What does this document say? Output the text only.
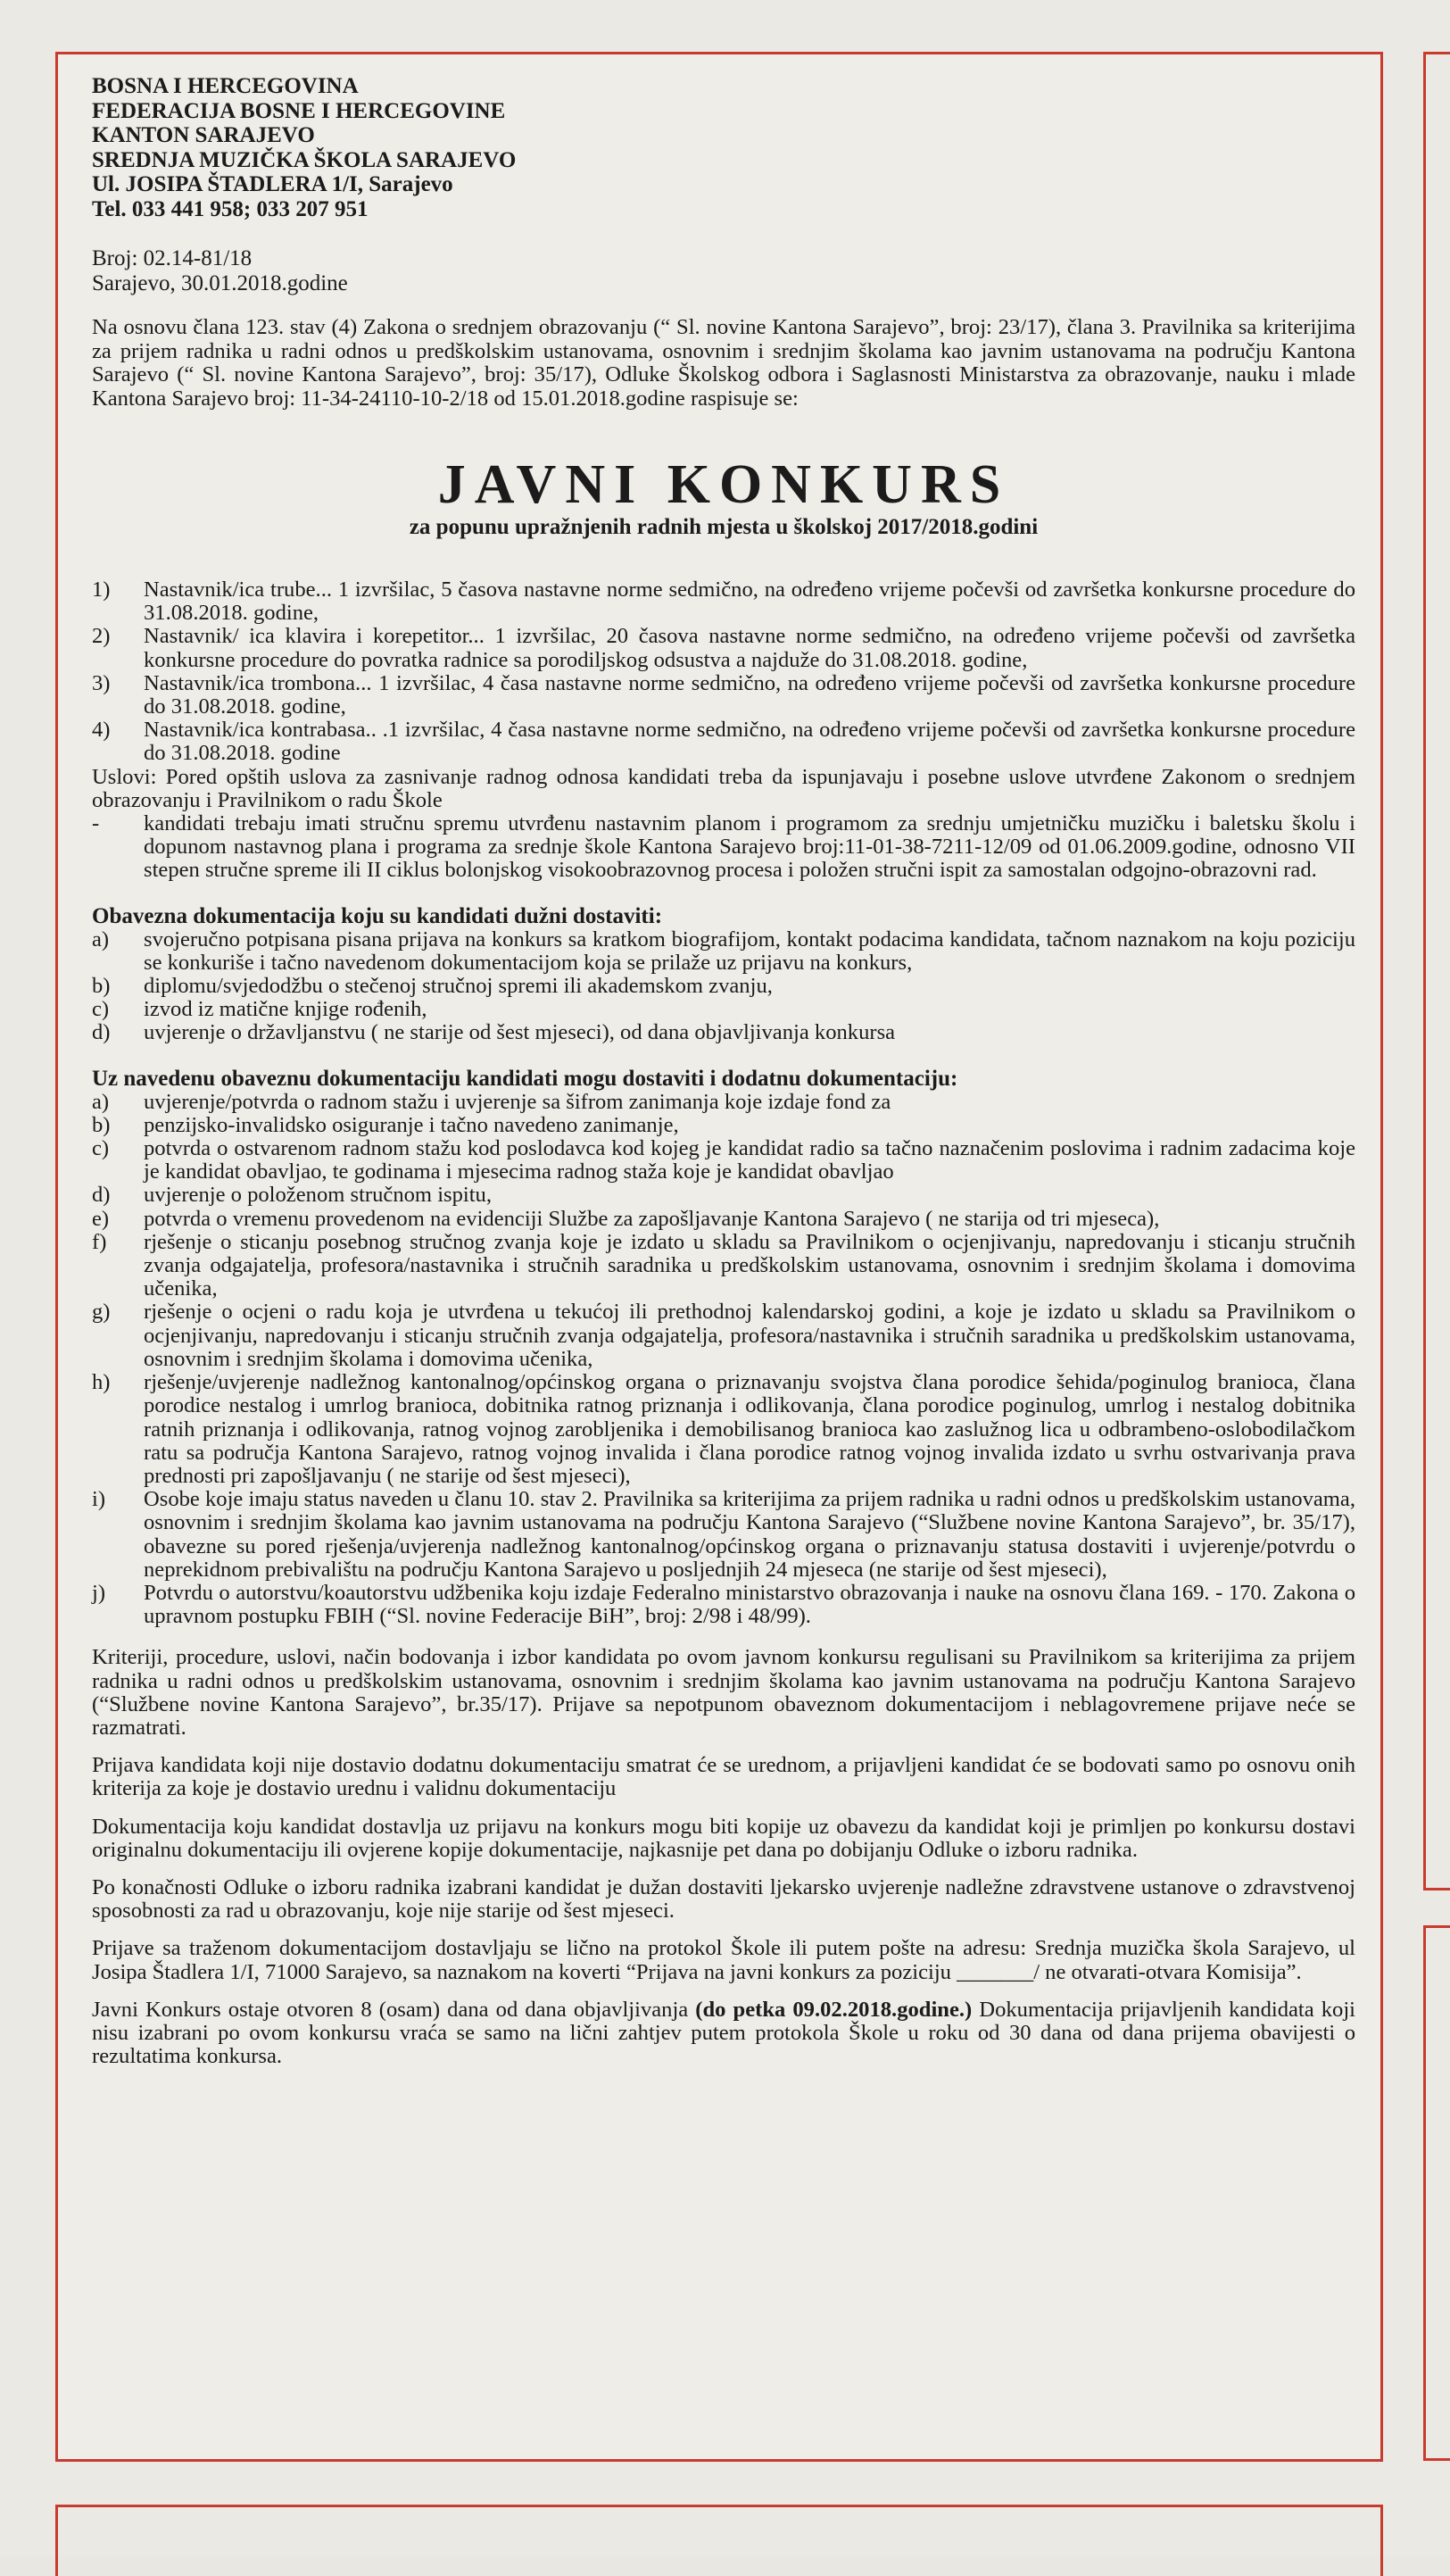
BOSNA I HERCEGOVINA
FEDERACIJA BOSNE I HERCEGOVINE
KANTON SARAJEVO
SREDNJA MUZIČKA ŠKOLA SARAJEVO
Ul. JOSIPA ŠTADLERA 1/I, Sarajevo
Tel. 033 441 958; 033 207 951
Broj: 02.14-81/18
Sarajevo, 30.01.2018.godine
Na osnovu člana 123. stav (4) Zakona o srednjem obrazovanju (“ Sl. novine Kantona Sarajevo”, broj: 23/17), člana 3. Pravilnika sa kriterijima za prijem radnika u radni odnos u predškolskim ustanovama, osnovnim i srednjim školama kao javnim ustanovama na području Kantona Sarajevo (“ Sl. novine Kantona Sarajevo”, broj: 35/17), Odluke Školskog odbora i Saglasnosti Ministarstva za obrazovanje, nauku i mlade Kantona Sarajevo broj: 11-34-24110-10-2/18 od 15.01.2018.godine raspisuje se:
JAVNI KONKURS
za popunu upražnjenih radnih mjesta u školskoj 2017/2018.godini
1)	Nastavnik/ica trube... 1 izvršilac, 5 časova nastavne norme sedmično, na određeno vrijeme počevši od završetka konkursne procedure do 31.08.2018. godine,
2)	Nastavnik/ ica klavira i korepetitor... 1 izvršilac, 20 časova nastavne norme sedmično, na određeno vrijeme počevši od završetka konkursne procedure do povratka radnice sa porodiljskog odsustva a najduže do 31.08.2018. godine,
3)	Nastavnik/ica trombona... 1 izvršilac, 4 časa nastavne norme sedmično, na određeno vrijeme počevši od završetka konkursne procedure do 31.08.2018. godine,
4)	Nastavnik/ica kontrabasa.. .1 izvršilac, 4 časa nastavne norme sedmično, na određeno vrijeme počevši od završetka konkursne procedure do 31.08.2018. godine
Uslovi: Pored opštih uslova za zasnivanje radnog odnosa kandidati treba da ispunjavaju i posebne uslove utvrđene Zakonom o srednjem obrazovanju i Pravilnikom o radu Škole
-	kandidati trebaju imati stručnu spremu utvrđenu nastavnim planom i programom za srednju umjetničku muzičku i baletsku školu i dopunom nastavnog plana i programa za srednje škole Kantona Sarajevo broj:11-01-38-7211-12/09 od 01.06.2009.godine, odnosno VII stepen stručne spreme ili II ciklus bolonjskog visokoobrazovnog procesa i položen stručni ispit za samostalan odgojno-obrazovni rad.
Obavezna dokumentacija koju su kandidati dužni dostaviti:
a)	svojeručno potpisana pisana prijava na konkurs sa kratkom biografijom, kontakt podacima kandidata, tačnom naznakom na koju poziciju se konkuriše i tačno navedenom dokumentacijom koja se prilaže uz prijavu na konkurs,
b)	diplomu/svjedodžbu o stečenoj stručnoj spremi ili akademskom zvanju,
c)	izvod iz matične knjige rođenih,
d)	uvjerenje o državljanstvu ( ne starije od šest mjeseci), od dana objavljivanja konkursa
Uz navedenu obaveznu dokumentaciju kandidati mogu dostaviti i dodatnu dokumentaciju:
a)	uvjerenje/potvrda o radnom stažu i uvjerenje sa šifrom zanimanja koje izdaje fond za
b)	penzijsko-invalidsko osiguranje i tačno navedeno zanimanje,
c)	potvrda o ostvarenom radnom stažu kod poslodavca kod kojeg je kandidat radio sa tačno naznačenim poslovima i radnim zadacima koje je kandidat obavljao, te godinama i mjesecima radnog staža koje je kandidat obavljao
d)	uvjerenje o položenom stručnom ispitu,
e)	potvrda o vremenu provedenom na evidenciji Službe za zapošljavanje Kantona Sarajevo ( ne starija od tri mjeseca),
f)	rješenje o sticanju posebnog stručnog zvanja koje je izdato u skladu sa Pravilnikom o ocjenjivanju, napredovanju i sticanju stručnih zvanja odgajatelja, profesora/nastavnika i stručnih saradnika u predškolskim ustanovama, osnovnim i srednjim školama i domovima učenika,
g)	rješenje o ocjeni o radu koja je utvrđena u tekućoj ili prethodnoj kalendarskoj godini, a koje je izdato u skladu sa Pravilnikom o ocjenjivanju, napredovanju i sticanju stručnih zvanja odgajatelja, profesora/nastavnika i stručnih saradnika u predškolskim ustanovama, osnovnim i srednjim školama i domovima učenika,
h)	rješenje/uvjerenje nadležnog kantonalnog/općinskog organa o priznavanju svojstva člana porodice šehida/poginulog branioca, člana porodice nestalog i umrlog branioca, dobitnika ratnog priznanja i odlikovanja, člana porodice poginulog, umrlog i nestalog dobitnika ratnih priznanja i odlikovanja, ratnog vojnog zarobljenika i demobilisanog branioca kao zaslužnog lica u odbrambeno-oslobodilačkom ratu sa područja Kantona Sarajevo, ratnog vojnog invalida i člana porodice ratnog vojnog invalida izdato u svrhu ostvarivanja prava prednosti pri zapošljavanju ( ne starije od šest mjeseci),
i)	Osobe koje imaju status naveden u članu 10. stav 2. Pravilnika sa kriterijima za prijem radnika u radni odnos u predškolskim ustanovama, osnovnim i srednjim školama kao javnim ustanovama na području Kantona Sarajevo (“Službene novine Kantona Sarajevo”, br. 35/17), obavezne su pored rješenja/uvjerenja nadležnog kantonalnog/općinskog organa o priznavanju statusa dostaviti i uvjerenje/potvrdu o neprekidnom prebivalištu na području Kantona Sarajevo u posljednjih 24 mjeseca (ne starije od šest mjeseci),
j)	Potvrdu o autorstvu/koautorstvu udžbenika koju izdaje Federalno ministarstvo obrazovanja i nauke na osnovu člana 169. - 170. Zakona o upravnom postupku FBIH (“Sl. novine Federacije BiH”, broj: 2/98 i 48/99).
Kriteriji, procedure, uslovi, način bodovanja i izbor kandidata po ovom javnom konkursu regulisani su Pravilnikom sa kriterijima za prijem radnika u radni odnos u predškolskim ustanovama, osnovnim i srednjim školama kao javnim ustanovama na području Kantona Sarajevo (“Službene novine Kantona Sarajevo”, br.35/17). Prijave sa nepotpunom obaveznom dokumentacijom i neblagovremene prijave neće se razmatrati.
Prijava kandidata koji nije dostavio dodatnu dokumentaciju smatrat će se urednom, a prijavljeni kandidat će se bodovati samo po osnovu onih kriterija za koje je dostavio urednu i validnu dokumentaciju
Dokumentacija koju kandidat dostavlja uz prijavu na konkurs mogu biti kopije uz obavezu da kandidat koji je primljen po konkursu dostavi originalnu dokumentaciju ili ovjerene kopije dokumentacije, najkasnije pet dana po dobijanju Odluke o izboru radnika.
Po konačnosti Odluke o izboru radnika izabrani kandidat je dužan dostaviti ljekarsko uvjerenje nadležne zdravstvene ustanove o zdravstvenoj sposobnosti za rad u obrazovanju, koje nije starije od šest mjeseci.
Prijave sa traženom dokumentacijom dostavljaju se lično na protokol Škole ili putem pošte na adresu: Srednja muzička škola Sarajevo, ul Josipa Štadlera 1/I, 71000 Sarajevo, sa naznakom na koverti “Prijava na javni konkurs za poziciju _______/ ne otvarati-otvara Komisija”.
Javni Konkurs ostaje otvoren 8 (osam) dana od dana objavljivanja (do petka 09.02.2018.godine.) Dokumentacija prijavljenih kandidata koji nisu izabrani po ovom konkursu vraća se samo na lični zahtjev putem protokola Škole u roku od 30 dana od dana prijema obavijesti o rezultatima konkursa.
